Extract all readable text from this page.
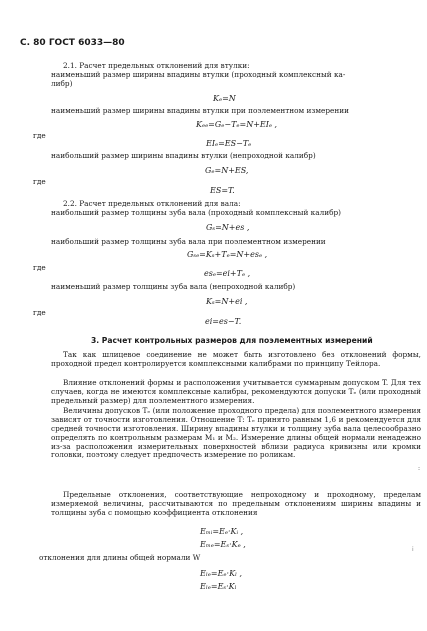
С. 80 ГОСТ 6033—80
2.1. Расчет предельных отклонений для втулки:
наименьший размер ширины впадины втулки (проходный комплексный ка-
либр)
Kₑ=N
наименьший размер ширины впадины втулки при поэлементном измерении
Kₑₑ=Gₑ−Tₑ=N+EIₑ ,
где
EIₑ=ES−Tₑ
наибольший размер ширины впадины втулки (непроходной калибр)
Gₑ=N+ES,
где
ES=T.
2.2. Расчет предельных отклонений для вала:
наибольший размер толщины зуба вала (проходный комплексный калибр)
Gₛ=N+es ,
наибольший размер толщины зуба вала при поэлементном измерении
Gₛₑ=Kₛ+Tₑ=N+esₑ ,
где
esₑ=ei+Tₑ ,
наименьший размер толщины зуба вала (непроходной калибр)
Kₛ=N+ei ,
где
ei=es−T.
3. Расчет контрольных размеров для поэлементных измерений
Так как шлицевое соединение не может быть изготовлено без отклонений формы, проходной предел контролируется комплексными калибрами по принципу Тейлора.
Влияние отклонений формы и расположения учитывается суммарным допуском T. Для тех случаев, когда не имеются комплексные калибры, рекомендуются допуски Tₑ (или проходный предельный размер) для поэлементного измерения.
Величины допусков Tₑ (или положение проходного предела) для поэлементного измерения зависят от точности изготовления. Отношение T: Tₑ принято равным 1,6 и рекомендуется для средней точности изготовления. Ширину впадины втулки и толщину зуба вала целесообразно определять по контрольным размерам M₁ и M₂. Измерение длины общей нормали ненадежно из-за расположения измерительных поверхностей вблизи радиуса кривизны или кромки головки, поэтому следует предпочесть измерение по роликам.
Предельные отклонения, соответствующие непроходному и проходному, пределам измеряемой величины, рассчитываются по предельным отклонениям ширины впадины и толщины зуба с помощью коэффициента отклонения
Eₘᵢ=Eₑ·Kᵢ ,
Eₘₑ=Eₛ·Kₑ ,
отклонения для длины общей нормали W
Eₗₑ=Eₑ·Kₗ ,
Eₗₑ=Eₛ·Kₗ
:
⁞
